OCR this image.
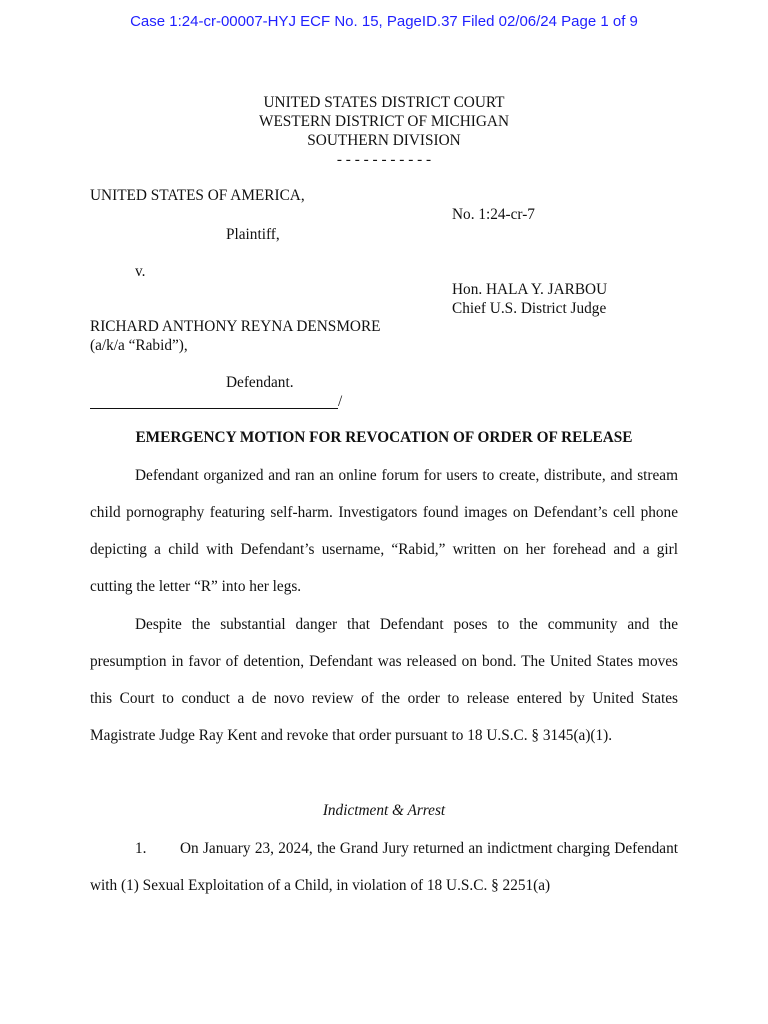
Case 1:24-cr-00007-HYJ ECF No. 15, PageID.37 Filed 02/06/24 Page 1 of 9
UNITED STATES DISTRICT COURT
WESTERN DISTRICT OF MICHIGAN
SOUTHERN DIVISION
- - - - - - - - - - -
UNITED STATES OF AMERICA,
No. 1:24-cr-7
Plaintiff,
v.
Hon. HALA Y. JARBOU
Chief U.S. District Judge
RICHARD ANTHONY REYNA DENSMORE
(a/k/a “Rabid”),
Defendant.
/
EMERGENCY MOTION FOR REVOCATION OF ORDER OF RELEASE

Defendant organized and ran an online forum for users to create, distribute, and stream child pornography featuring self-harm. Investigators found images on Defendant’s cell phone depicting a child with Defendant’s username, “Rabid,” written on her forehead and a girl cutting the letter “R” into her legs.

Despite the substantial danger that Defendant poses to the community and the presumption in favor of detention, Defendant was released on bond. The United States moves this Court to conduct a de novo review of the order to release entered by United States Magistrate Judge Ray Kent and revoke that order pursuant to 18 U.S.C. § 3145(a)(1).

Indictment & Arrest

1. On January 23, 2024, the Grand Jury returned an indictment charging Defendant with (1) Sexual Exploitation of a Child, in violation of 18 U.S.C. § 2251(a)
